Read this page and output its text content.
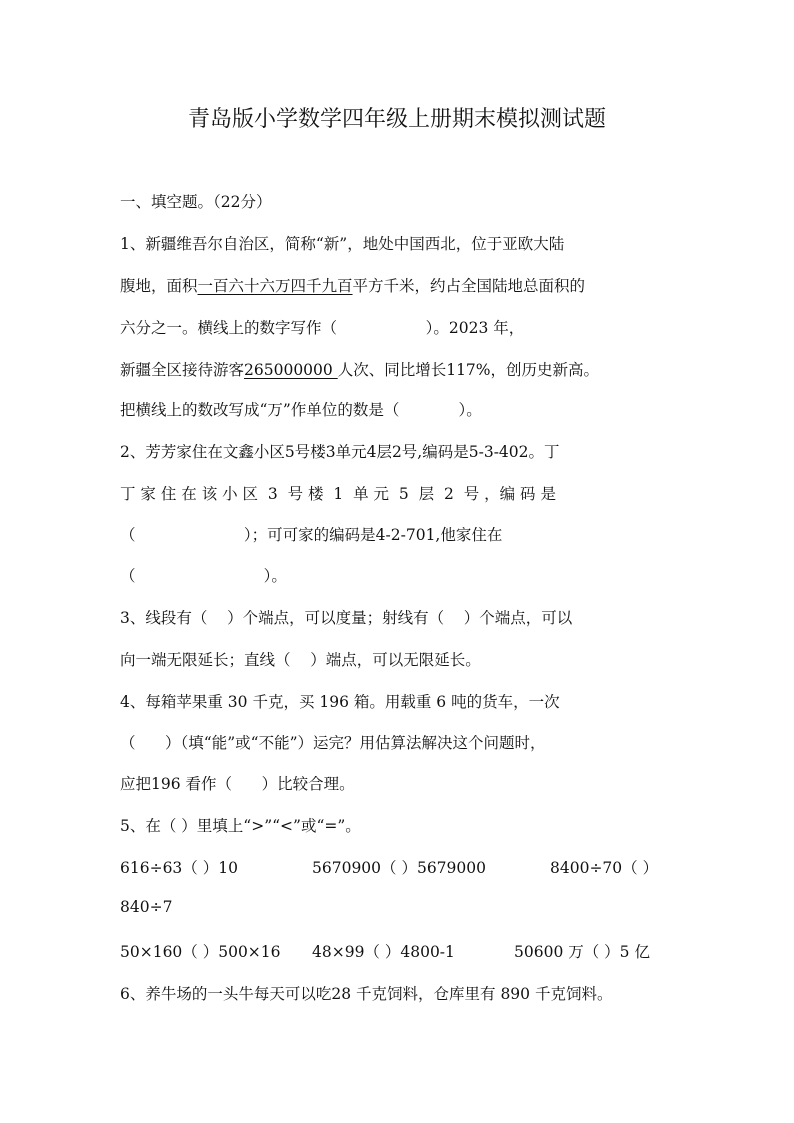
青岛版小学数学四年级上册期末模拟测试题
一、填空题。（22分）
1、新疆维吾尔自治区，简称“新”，地处中国西北，位于亚欧大陆
腹地，面积一百六十六万四千九百平方千米，约占全国陆地总面积的
六分之一。横线上的数字写作（                  ）。2023 年，
新疆全区接待游客265000000 人次、同比增长117%，创历史新高。
把横线上的数改写成“万”作单位的数是（            ）。
2、芳芳家住在文鑫小区5号楼3单元4层2号,编码是5-3-402。丁
丁 家 住 在 该 小 区  3  号 楼  1  单 元  5  层  2  号 ，编 码 是
（                      ）；可可家的编码是4-2-701,他家住在
（                          ）。
3、线段有（    ）个端点，可以度量；射线有（    ）个端点，可以
向一端无限延长；直线（    ）端点，可以无限延长。
4、每箱苹果重 30 千克，买 196 箱。用载重 6 吨的货车，一次
（      ）（填“能”或“不能”）运完？用估算法解决这个问题时，
应把196 看作（      ）比较合理。
5、在（ ）里填上“>”“<”或“=”。
616÷63（ ）10	5670900（ ）5679000	8400÷70（ ）
840÷7
50×160（ ）500×16 48×99（ ）4800-1	50600 万（ ）5 亿
6、养牛场的一头牛每天可以吃28 千克饲料，仓库里有 890 千克饲料。
